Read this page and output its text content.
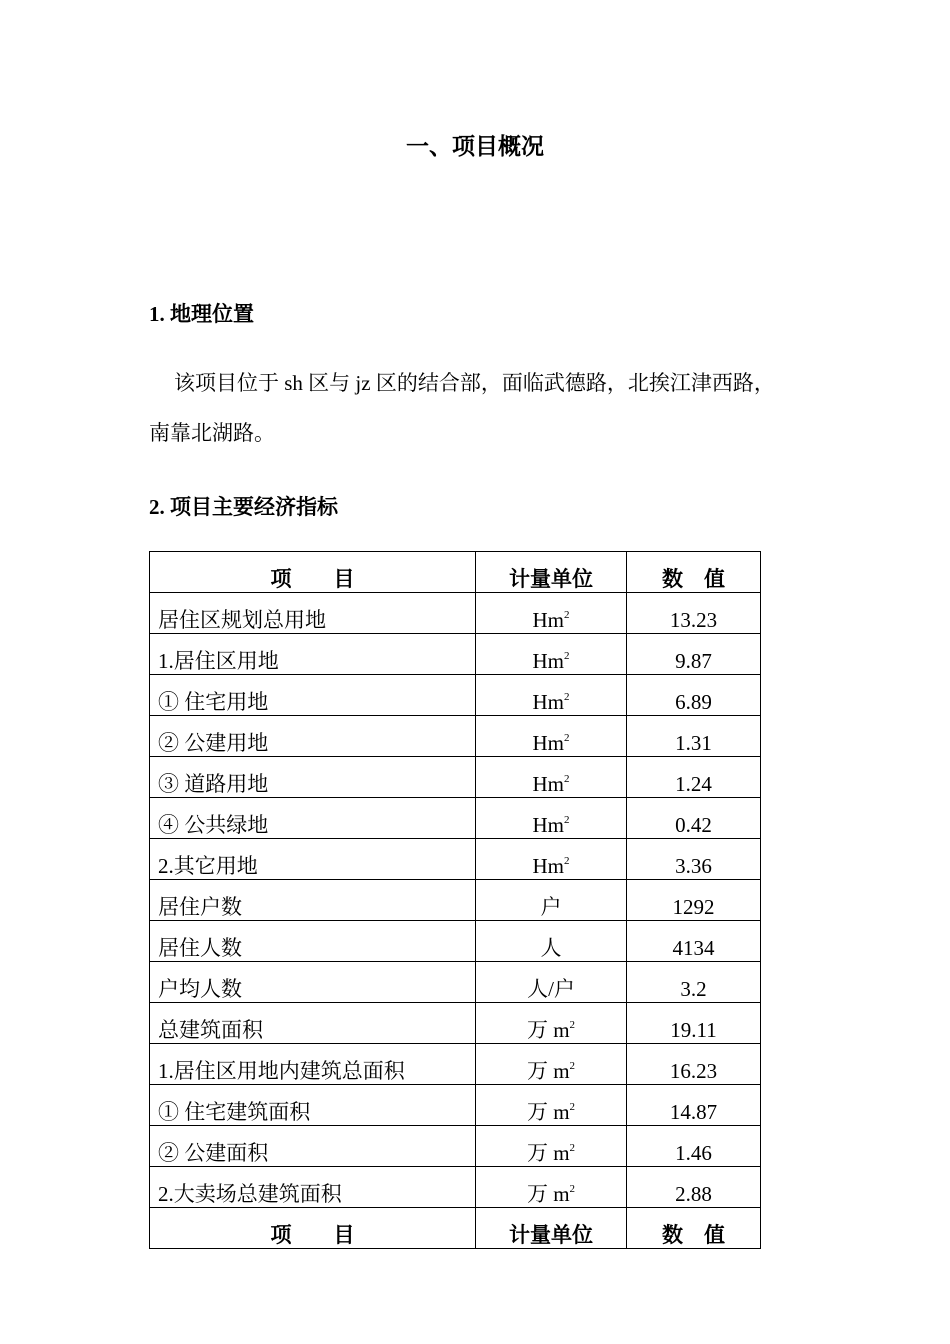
一、项目概况
1. 地理位置

该项目位于 sh 区与 jz 区的结合部，面临武德路，北挨江津西路，
南靠北湖路。

2. 项目主要经济指标
项　　目	计量单位	数　值
居住区规划总用地	Hm$^2$	13.23
1.居住区用地	Hm$^2$	9.87
① 住宅用地	Hm$^2$	6.89
② 公建用地	Hm$^2$	1.31
③ 道路用地	Hm$^2$	1.24
④ 公共绿地	Hm$^2$	0.42
2.其它用地	Hm$^2$	3.36
居住户数	户	1292
居住人数	人	4134
户均人数	人/户	3.2
总建筑面积	万 $m^2$	19.11
1.居住区用地内建筑总面积	万 $m^2$	16.23
① 住宅建筑面积	万 $m^2$	14.87
② 公建面积	万 $m^2$	1.46
2.大卖场总建筑面积	万 $m^2$	2.88
项　　目	计量单位	数　值
